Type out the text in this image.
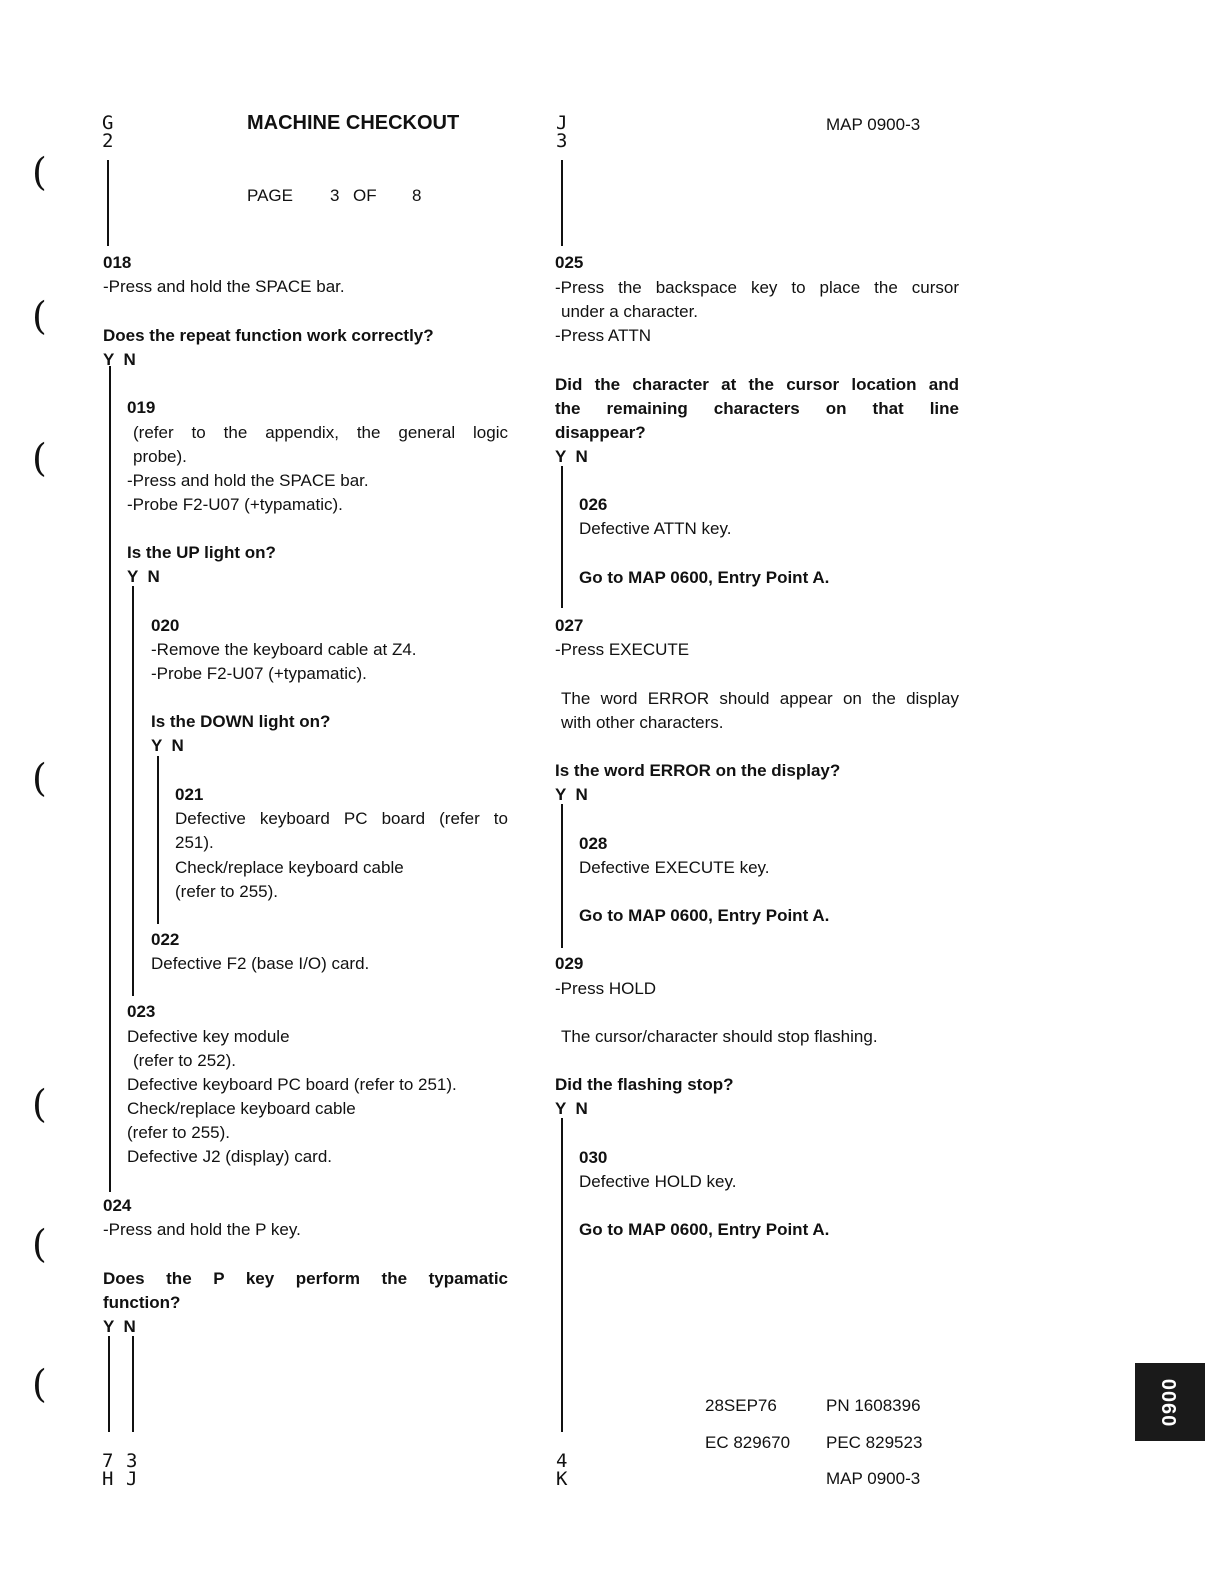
(
(
(
(
(
(
(
G
2
MACHINE CHECKOUT
PAGE 3 OF 8
J
3
MAP 0900-3
018
-Press and hold the SPACE bar.
Does the repeat function work correctly?
Y  N
019
(refer to the appendix, the general logic
probe).
-Press and hold the SPACE bar.
-Probe F2-U07 (+typamatic).
Is the UP light on?
Y  N
020
-Remove the keyboard cable at Z4.
-Probe F2-U07 (+typamatic).
Is the DOWN light on?
Y  N
021
Defective keyboard PC board (refer to
251).
Check/replace keyboard cable
(refer to 255).
022
Defective F2 (base I/O) card.
023
Defective key module
(refer to 252).
Defective keyboard PC board (refer to 251).
Check/replace keyboard cable
(refer to 255).
Defective J2 (display) card.
024
-Press and hold the P key.
Does the P key perform the typamatic
function?
Y  N
7
H
3
J
025
-Press the backspace key to place the cursor
under a character.
-Press ATTN
Did the character at the cursor location and
the remaining characters on that line
disappear?
Y  N
026
Defective ATTN key.
Go to MAP 0600, Entry Point A.
027
-Press EXECUTE
The word ERROR should appear on the display
with other characters.
Is the word ERROR on the display?
Y  N
028
Defective EXECUTE key.
Go to MAP 0600, Entry Point A.
029
-Press HOLD
The cursor/character should stop flashing.
Did the flashing stop?
Y  N
030
Defective HOLD key.
Go to MAP 0600, Entry Point A.
4
K
28SEP76	PN 1608396
EC 829670 PEC 829523
MAP 0900-3
0900
